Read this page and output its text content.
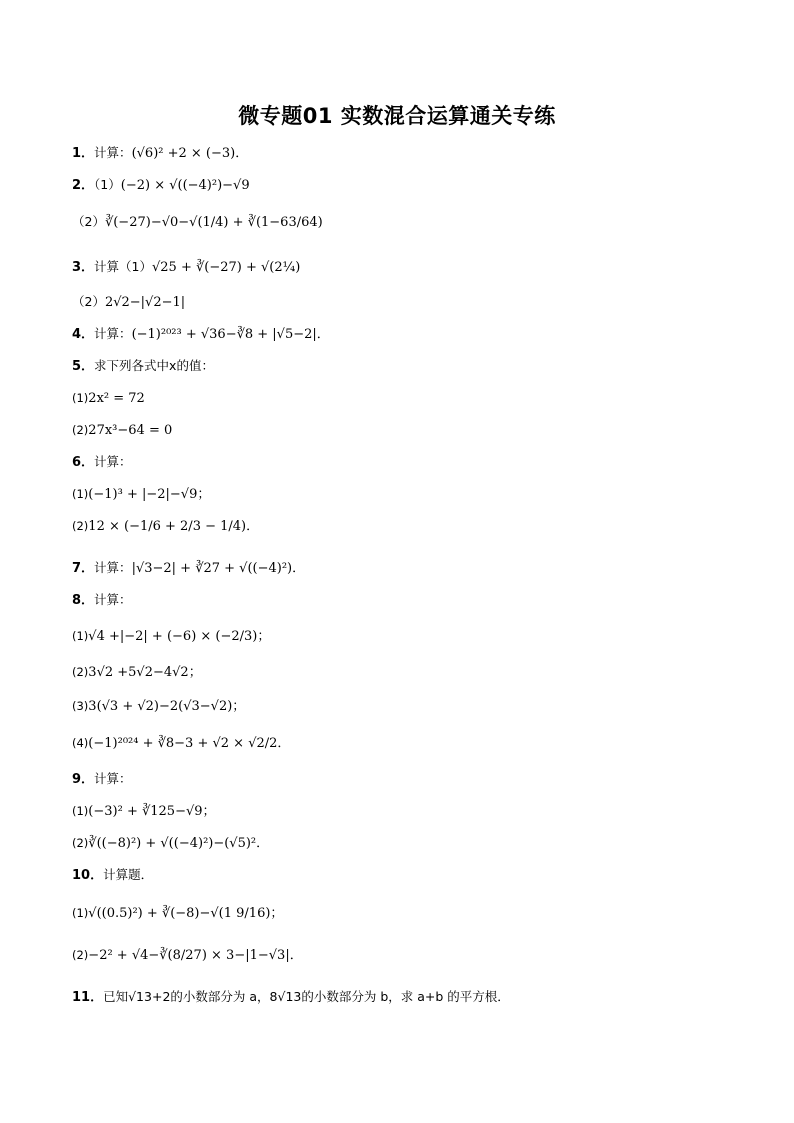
微专题01 实数混合运算通关专练
1．计算：(√6)² +2 × (−3)．
2．（1）(−2) × √((−4)²)−√9
（2）∛(−27)−√0−√(1/4) + ∛(1−63/64)
3．计算（1）√25 + ∛(−27) + √(2¼)
（2）2√2−|√2−1|
4．计算：(−1)²⁰²³ + √36−∛8 + |√5−2|．
5．求下列各式中x的值：
(1)2x² = 72
(2)27x³−64 = 0
6．计算：
(1)(−1)³ + |−2|−√9；
(2)12 × (−1/6 + 2/3 − 1/4)．
7．计算：|√3−2| + ∛27 + √((−4)²)．
8．计算：
(1)√4 +|−2| + (−6) × (−2/3)；
(2)3√2 +5√2−4√2；
(3)3(√3 + √2)−2(√3−√2)；
(4)(−1)²⁰²⁴ + ∛8−3 + √2 × √2/2．
9．计算：
(1)(−3)² + ∛125−√9；
(2)∛((−8)²) + √((−4)²)−(√5)²．
10．计算题．
(1)√((0.5)²) + ∛(−8)−√(1 9/16)；
(2)−2² + √4−∛(8/27) × 3−|1−√3|．
11．已知√13+2的小数部分为 a，8√13的小数部分为 b，求 a+b 的平方根．
